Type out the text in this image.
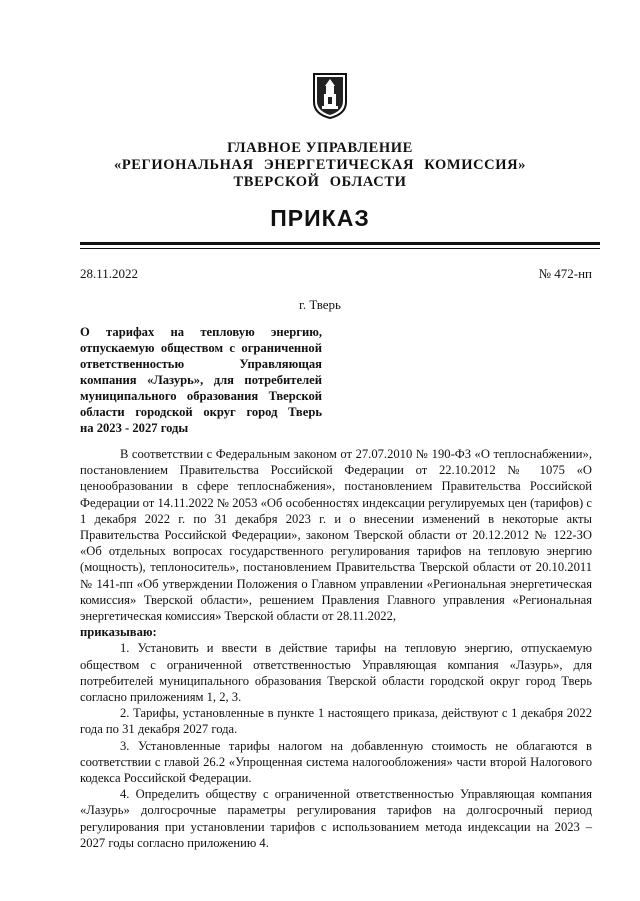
ГЛАВНОЕ УПРАВЛЕНИЕ
«РЕГИОНАЛЬНАЯ ЭНЕРГЕТИЧЕСКАЯ КОМИССИЯ»
ТВЕРСКОЙ ОБЛАСТИ
ПРИКАЗ
28.11.2022	№ 472-нп
г. Тверь
О тарифах на тепловую энергию,
отпускаемую обществом с ограниченной
ответственностью Управляющая
компания «Лазурь», для потребителей
муниципального образования Тверской
области городской округ город Тверь
на 2023 - 2027 годы

В соответствии с Федеральным законом от 27.07.2010 № 190-ФЗ «О теплоснабжении», постановлением Правительства Российской Федерации от 22.10.2012 № 1075 «О ценообразовании в сфере теплоснабжения», постановлением Правительства Российской Федерации от 14.11.2022 № 2053 «Об особенностях индексации регулируемых цен (тарифов) с 1 декабря 2022 г. по 31 декабря 2023 г. и о внесении изменений в некоторые акты Правительства Российской Федерации», законом Тверской области от 20.12.2012 № 122-ЗО «Об отдельных вопросах государственного регулирования тарифов на тепловую энергию (мощность), теплоноситель», постановлением Правительства Тверской области от 20.10.2011 № 141-пп «Об утверждении Положения о Главном управлении «Региональная энергетическая комиссия» Тверской области», решением Правления Главного управления «Региональная энергетическая комиссия» Тверской области от 28.11.2022,

приказываю:

1. Установить и ввести в действие тарифы на тепловую энергию, отпускаемую обществом с ограниченной ответственностью Управляющая компания «Лазурь», для потребителей муниципального образования Тверской области городской округ город Тверь согласно приложениям 1, 2, 3.

2. Тарифы, установленные в пункте 1 настоящего приказа, действуют с 1 декабря 2022 года по 31 декабря 2027 года.

3. Установленные тарифы налогом на добавленную стоимость не облагаются в соответствии с главой 26.2 «Упрощенная система налогообложения» части второй Налогового кодекса Российской Федерации.

4. Определить обществу с ограниченной ответственностью Управляющая компания «Лазурь» долгосрочные параметры регулирования тарифов на долгосрочный период регулирования при установлении тарифов с использованием метода индексации на 2023 – 2027 годы согласно приложению 4.
